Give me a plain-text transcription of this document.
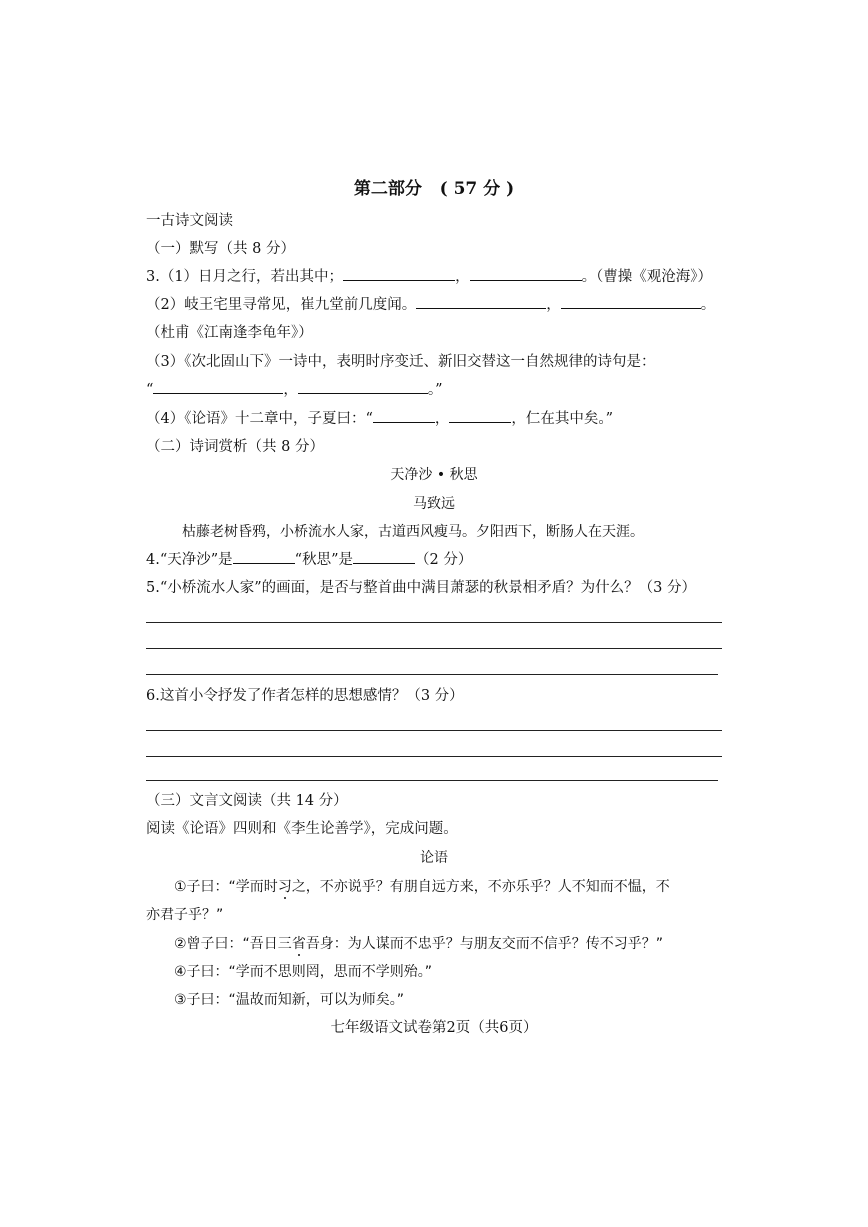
第二部分 ( 57 分 )
一古诗文阅读
（一）默写（共 8 分）
3.（1）日月之行，若出其中；	，	。（曹操《观沧海》）
（2）岐王宅里寻常见，崔九堂前几度闻。	，	。
（杜甫《江南逢李龟年》）
（3）《次北固山下》一诗中，表明时序变迁、新旧交替这一自然规律的诗句是：
“	，	。”
（4）《论语》十二章中，子夏曰：“	，	，仁在其中矣。”
（二）诗词赏析（共 8 分）
天净沙 • 秋思
马致远
枯藤老树昏鸦，小桥流水人家，古道西风瘦马。夕阳西下，断肠人在天涯。
4.“天净沙”是	“秋思”是	（2 分）
5.“小桥流水人家”的画面，是否与整首曲中满目萧瑟的秋景相矛盾？为什么？（3 分）
6.这首小令抒发了作者怎样的思想感情？（3 分）
（三）文言文阅读（共 14 分）
阅读《论语》四则和《李生论善学》，完成问题。
论语
①子曰：“学而时习之，不亦说乎？有朋自远方来，不亦乐乎？人不知而不愠，不
亦君子乎？”
②曾子曰：“吾日三省吾身：为人谋而不忠乎？与朋友交而不信乎？传不习乎？”
④子曰：“学而不思则罔，思而不学则殆。”
③子曰：“温故而知新，可以为师矣。”
七年级语文试卷第2页（共6页）
